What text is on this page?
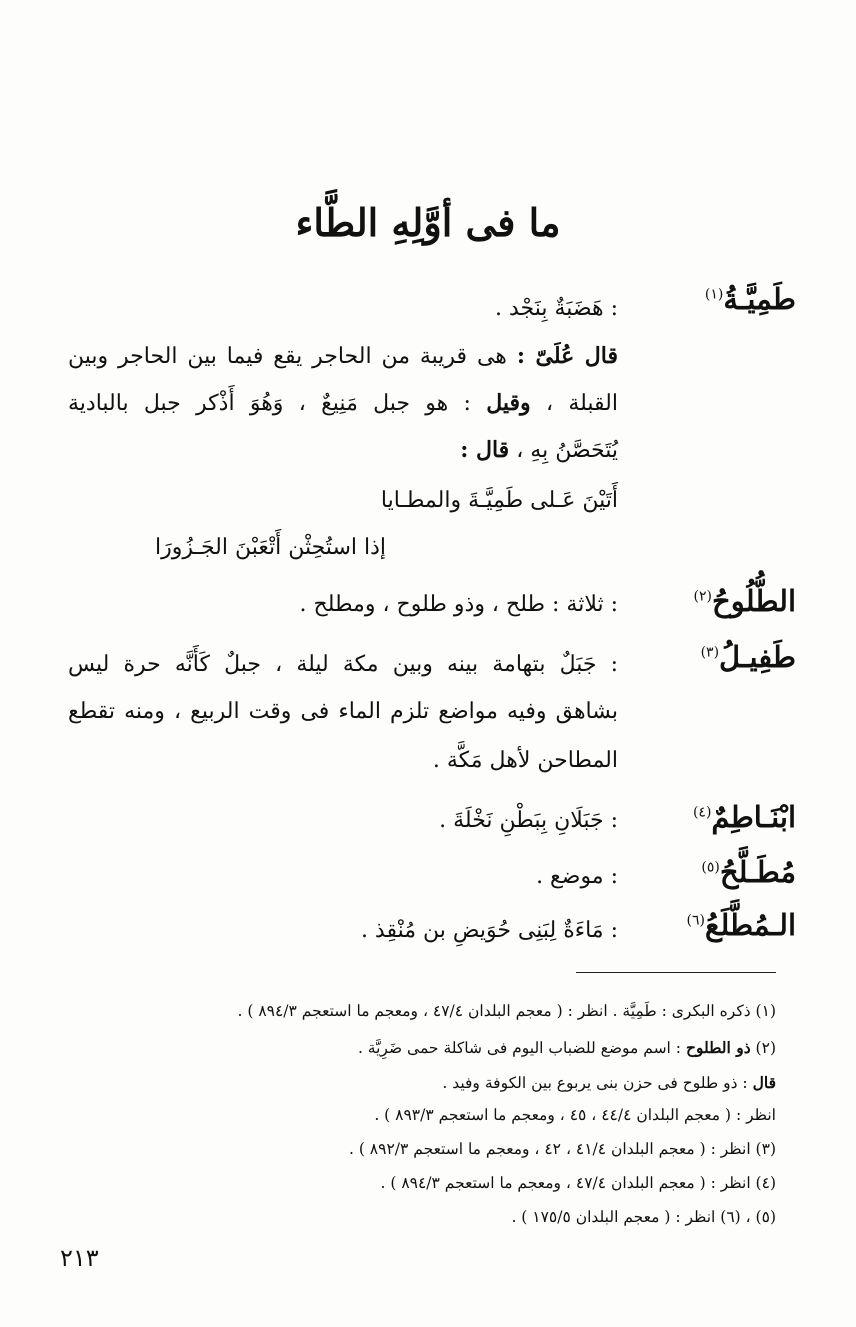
ما فى أوَّلِهِ الطَّاء
طَمِيَّـةُ$^{(١)}$
: هَضَبَةٌ بِنَجْد .
قال عُلَىّ : هى قريبة من الحاجر يقع فيما بين الحاجر وبين
القبلة ، وقيل : هو جبل مَنِيعٌ ، وَهُوَ أَذْكر جبل بالبادية
يُتَحَصَّنُ بِهِ ، قال :
أَتَيْنَ عَـلى طَمِيَّـةَ والمطـايا
إذا استُحِثْن أَتْعَبْنَ الجَـزُورَا
الطُّلُوحُ$^{(٢)}$
: ثلاثة : طلح ، وذو طلوح ، ومطلح .
طَفِيـلُ$^{(٣)}$
: جَبَلٌ بتهامة بينه وبين مكة ليلة ، جبلٌ كَأَنَّه حرة ليس
بشاهق وفيه مواضع تلزم الماء فى وقت الربيع ، ومنه تقطع
المطاحن لأهل مَكَّة .
ابْنَـاطِمٌ$^{(٤)}$
: جَبَلَانِ بِبَطْنِ نَخْلَةَ .
مُطَـلَّحُ$^{(٥)}$
: موضع .
الـمُطَّلَعُ$^{(٦)}$
: مَاءَةٌ لِبَنِى حُوَيضِ بن مُنْقِذ .
(١) ذكره البكرى : طَمِيَّة . انظر : ( معجم البلدان ٤٧/٤ ، ومعجم ما استعجم ٨٩٤/٣ ) .
(٢) ذو الطلوح : اسم موضع للضباب اليوم فى شاكلة حمى ضَرِيَّة .
قال : ذو طلوح فى حزن بنى يربوع بين الكوفة وفيد .
انظر : ( معجم البلدان ٤٤/٤ ، ٤٥ ، ومعجم ما استعجم ٨٩٣/٣ ) .
(٣) انظر : ( معجم البلدان ٤١/٤ ، ٤٢ ، ومعجم ما استعجم ٨٩٢/٣ ) .
(٤) انظر : ( معجم البلدان ٤٧/٤ ، ومعجم ما استعجم ٨٩٤/٣ ) .
(٥) ، (٦) انظر : ( معجم البلدان ١٧٥/٥ ) .
٢١٣
